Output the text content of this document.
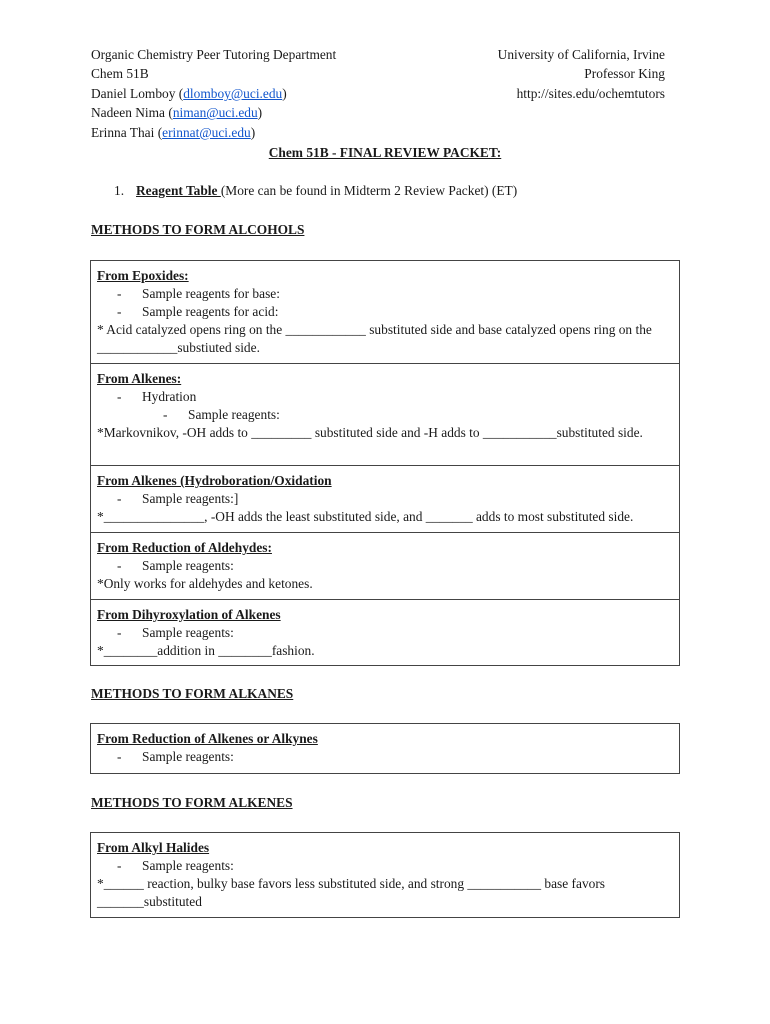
Organic Chemistry Peer Tutoring Department
Chem 51B
Daniel Lomboy (dlomboy@uci.edu)
Nadeen Nima (niman@uci.edu)
Erinna Thai (erinnat@uci.edu)
University of California, Irvine
Professor King
http://sites.edu/ochemtutors
Chem 51B - FINAL REVIEW PACKET:
1. Reagent Table (More can be found in Midterm 2 Review Packet) (ET)
METHODS TO FORM ALCOHOLS
From Epoxides:
- Sample reagents for base:
- Sample reagents for acid:
* Acid catalyzed opens ring on the ____________ substituted side and base catalyzed opens ring on the ____________substiuted side.
From Alkenes:
- Hydration
- Sample reagents:
*Markovnikov, -OH adds to _________ substituted side and -H adds to ___________substituted side.
From Alkenes (Hydroboration/Oxidation
- Sample reagents:]
*_______________, -OH adds the least substituted side, and _______ adds to most substituted side.
From Reduction of Aldehydes:
- Sample reagents:
*Only works for aldehydes and ketones.
From Dihyroxylation of Alkenes
- Sample reagents:
*________addition in ________fashion.
METHODS TO FORM ALKANES
From Reduction of Alkenes or Alkynes
- Sample reagents:
METHODS TO FORM ALKENES
From Alkyl Halides
- Sample reagents:
*______ reaction, bulky base favors less substituted side, and strong ___________ base favors _______substituted
